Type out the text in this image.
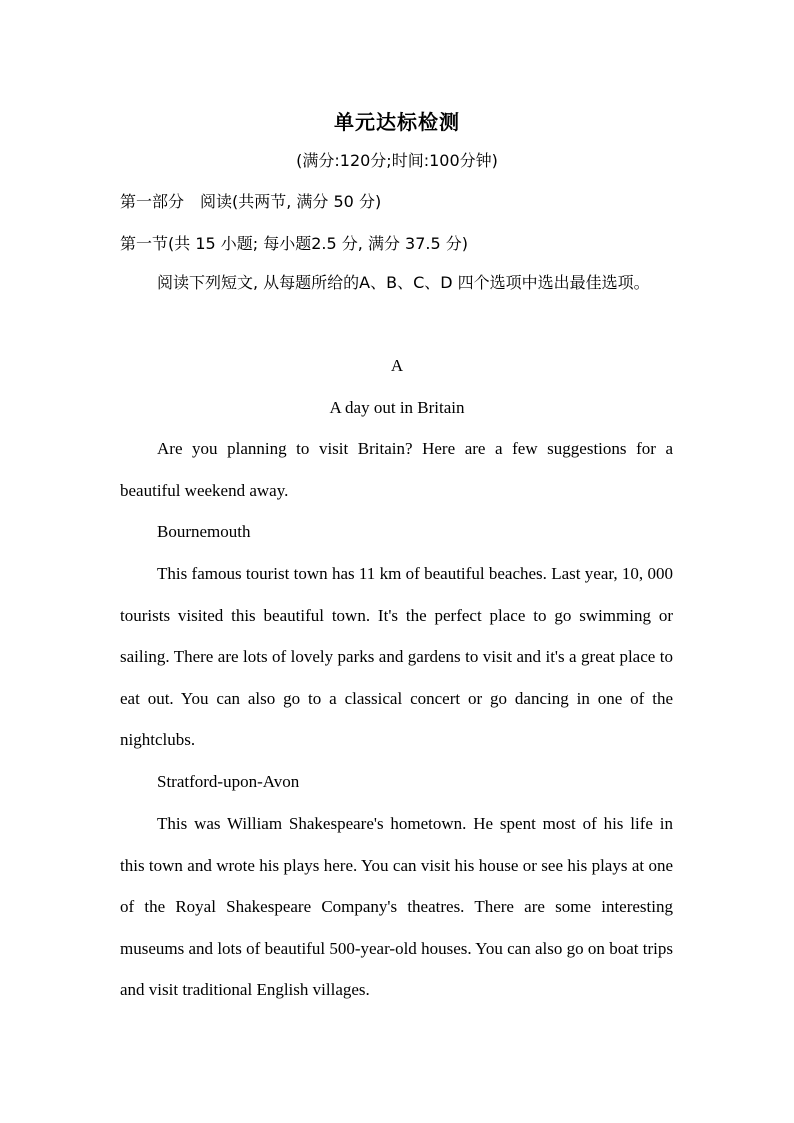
单元达标检测
(满分:120分;时间:100分钟)
第一部分　阅读(共两节, 满分 50 分)
第一节(共 15 小题; 每小题2.5 分, 满分 37.5 分)
阅读下列短文, 从每题所给的A、B、C、D 四个选项中选出最佳选项。
A
A day out in Britain
Are you planning to visit Britain? Here are a few suggestions for a beautiful weekend away.
Bournemouth
This famous tourist town has 11 km of beautiful beaches. Last year, 10, 000 tourists visited this beautiful town. It's the perfect place to go swimming or sailing. There are lots of lovely parks and gardens to visit and it's a great place to eat out. You can also go to a classical concert or go dancing in one of the nightclubs.
Stratford-upon-Avon
This was William Shakespeare's hometown. He spent most of his life in this town and wrote his plays here. You can visit his house or see his plays at one of the Royal Shakespeare Company's theatres. There are some interesting museums and lots of beautiful 500-year-old houses. You can also go on boat trips and visit traditional English villages.
